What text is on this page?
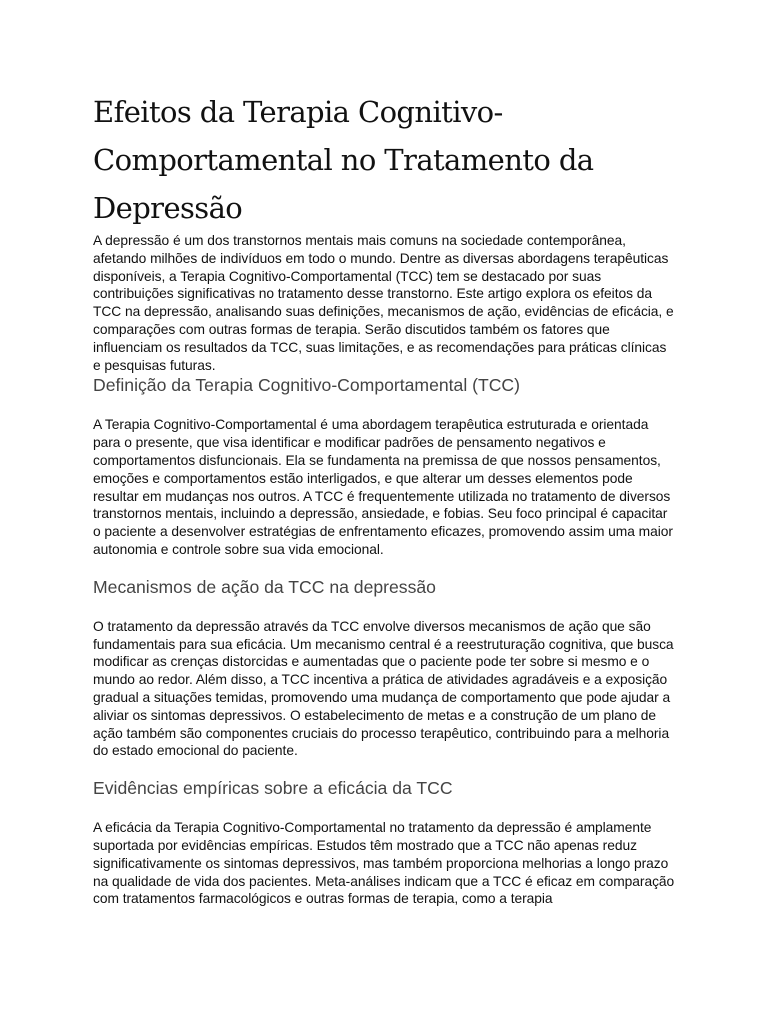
Efeitos da Terapia Cognitivo-Comportamental no Tratamento da Depressão

A depressão é um dos transtornos mentais mais comuns na sociedade contemporânea, afetando milhões de indivíduos em todo o mundo. Dentre as diversas abordagens terapêuticas disponíveis, a Terapia Cognitivo-Comportamental (TCC) tem se destacado por suas contribuições significativas no tratamento desse transtorno. Este artigo explora os efeitos da TCC na depressão, analisando suas definições, mecanismos de ação, evidências de eficácia, e comparações com outras formas de terapia. Serão discutidos também os fatores que influenciam os resultados da TCC, suas limitações, e as recomendações para práticas clínicas e pesquisas futuras.

Definição da Terapia Cognitivo-Comportamental (TCC)

A Terapia Cognitivo-Comportamental é uma abordagem terapêutica estruturada e orientada para o presente, que visa identificar e modificar padrões de pensamento negativos e comportamentos disfuncionais. Ela se fundamenta na premissa de que nossos pensamentos, emoções e comportamentos estão interligados, e que alterar um desses elementos pode resultar em mudanças nos outros. A TCC é frequentemente utilizada no tratamento de diversos transtornos mentais, incluindo a depressão, ansiedade, e fobias. Seu foco principal é capacitar o paciente a desenvolver estratégias de enfrentamento eficazes, promovendo assim uma maior autonomia e controle sobre sua vida emocional.

Mecanismos de ação da TCC na depressão

O tratamento da depressão através da TCC envolve diversos mecanismos de ação que são fundamentais para sua eficácia. Um mecanismo central é a reestruturação cognitiva, que busca modificar as crenças distorcidas e aumentadas que o paciente pode ter sobre si mesmo e o mundo ao redor. Além disso, a TCC incentiva a prática de atividades agradáveis e a exposição gradual a situações temidas, promovendo uma mudança de comportamento que pode ajudar a aliviar os sintomas depressivos. O estabelecimento de metas e a construção de um plano de ação também são componentes cruciais do processo terapêutico, contribuindo para a melhoria do estado emocional do paciente.

Evidências empíricas sobre a eficácia da TCC

A eficácia da Terapia Cognitivo-Comportamental no tratamento da depressão é amplamente suportada por evidências empíricas. Estudos têm mostrado que a TCC não apenas reduz significativamente os sintomas depressivos, mas também proporciona melhorias a longo prazo na qualidade de vida dos pacientes. Meta-análises indicam que a TCC é eficaz em comparação com tratamentos farmacológicos e outras formas de terapia, como a terapia
